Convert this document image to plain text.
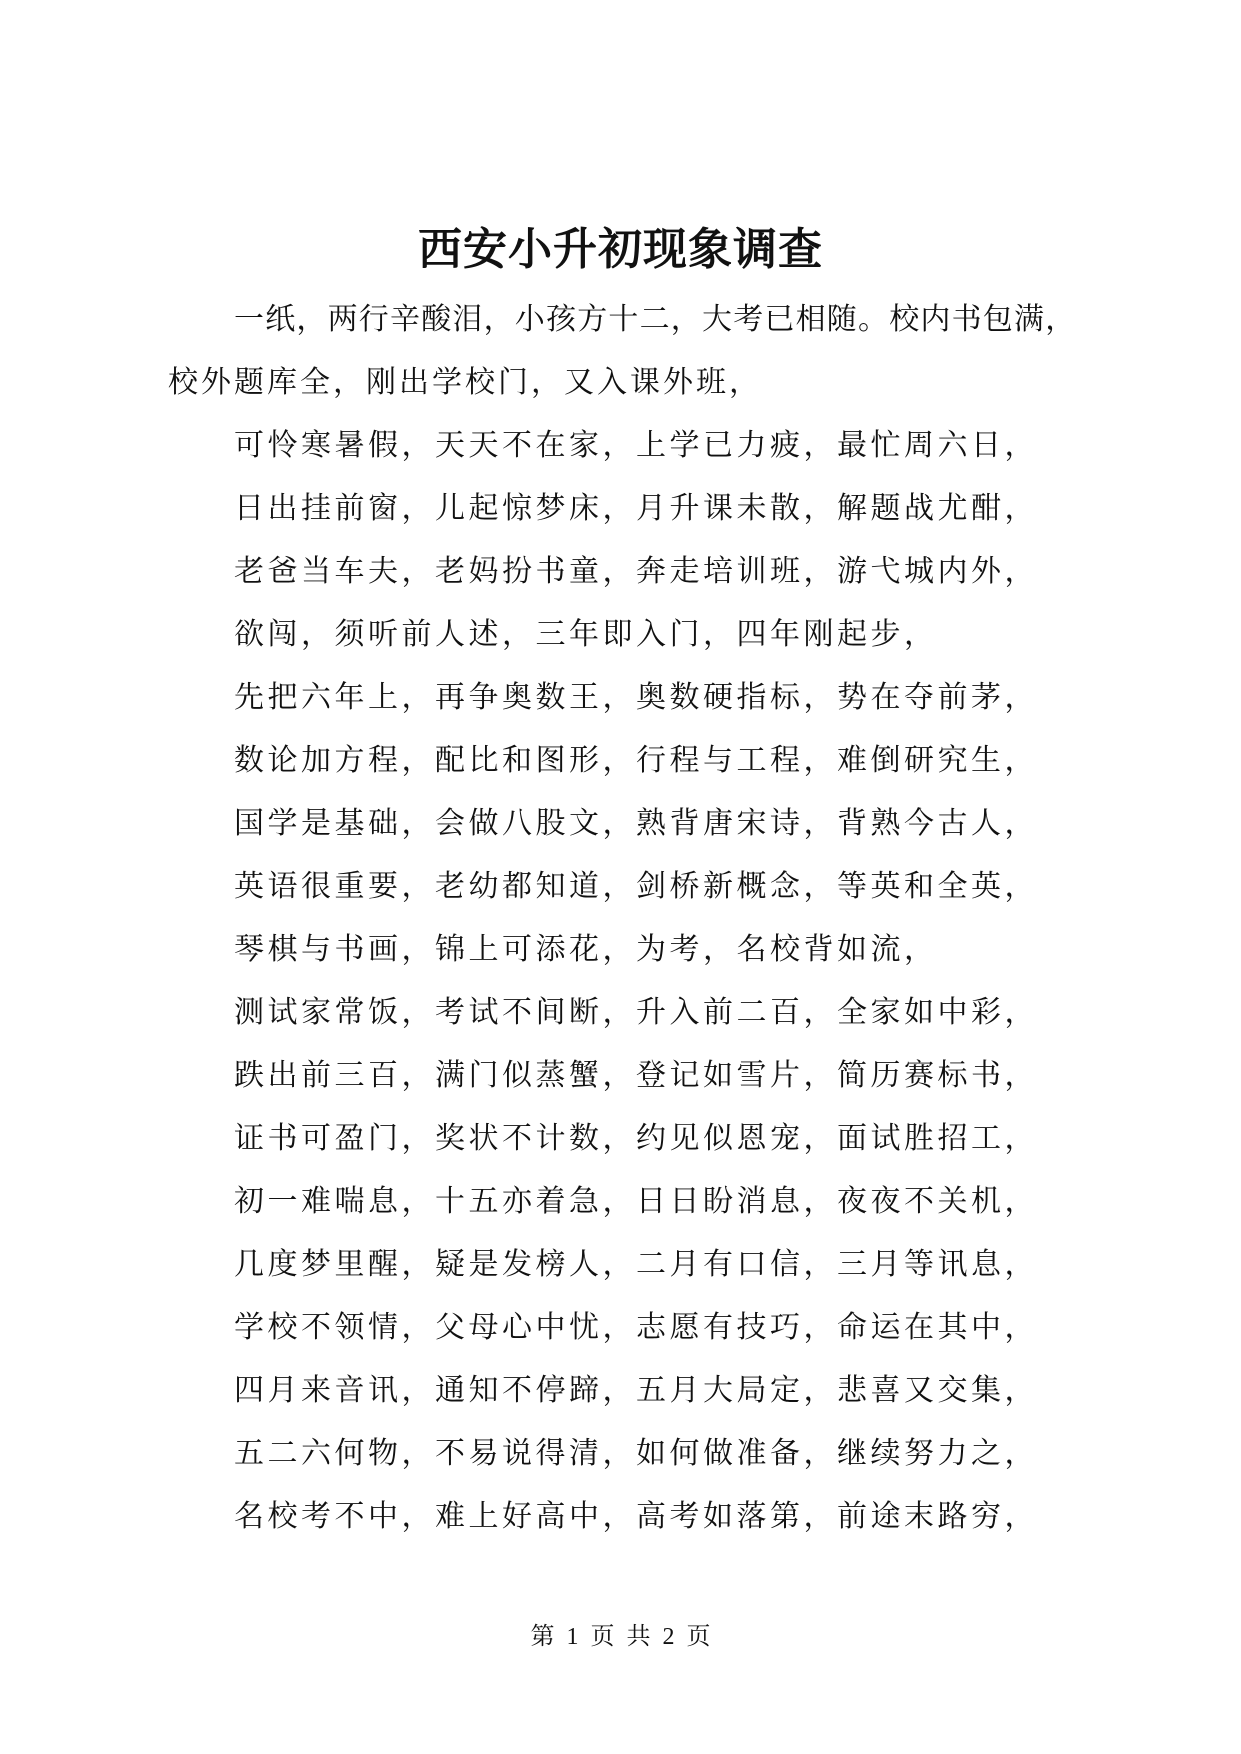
西安小升初现象调查
一纸，两行辛酸泪，小孩方十二，大考已相随。校内书包满，
校外题库全，刚出学校门，又入课外班，
可怜寒暑假，天天不在家，上学已力疲，最忙周六日，
日出挂前窗，儿起惊梦床，月升课未散，解题战尤酣，
老爸当车夫，老妈扮书童，奔走培训班，游弋城内外，
欲闯，须听前人述，三年即入门，四年刚起步，
先把六年上，再争奥数王，奥数硬指标，势在夺前茅，
数论加方程，配比和图形，行程与工程，难倒研究生，
国学是基础，会做八股文，熟背唐宋诗，背熟今古人，
英语很重要，老幼都知道，剑桥新概念，等英和全英，
琴棋与书画，锦上可添花，为考，名校背如流，
测试家常饭，考试不间断，升入前二百，全家如中彩，
跌出前三百，满门似蒸蟹，登记如雪片，简历赛标书，
证书可盈门，奖状不计数，约见似恩宠，面试胜招工，
初一难喘息，十五亦着急，日日盼消息，夜夜不关机，
几度梦里醒，疑是发榜人，二月有口信，三月等讯息，
学校不领情，父母心中忧，志愿有技巧，命运在其中，
四月来音讯，通知不停蹄，五月大局定，悲喜又交集，
五二六何物，不易说得清，如何做准备，继续努力之，
名校考不中，难上好高中，高考如落第，前途末路穷，
第 1 页 共 2 页
